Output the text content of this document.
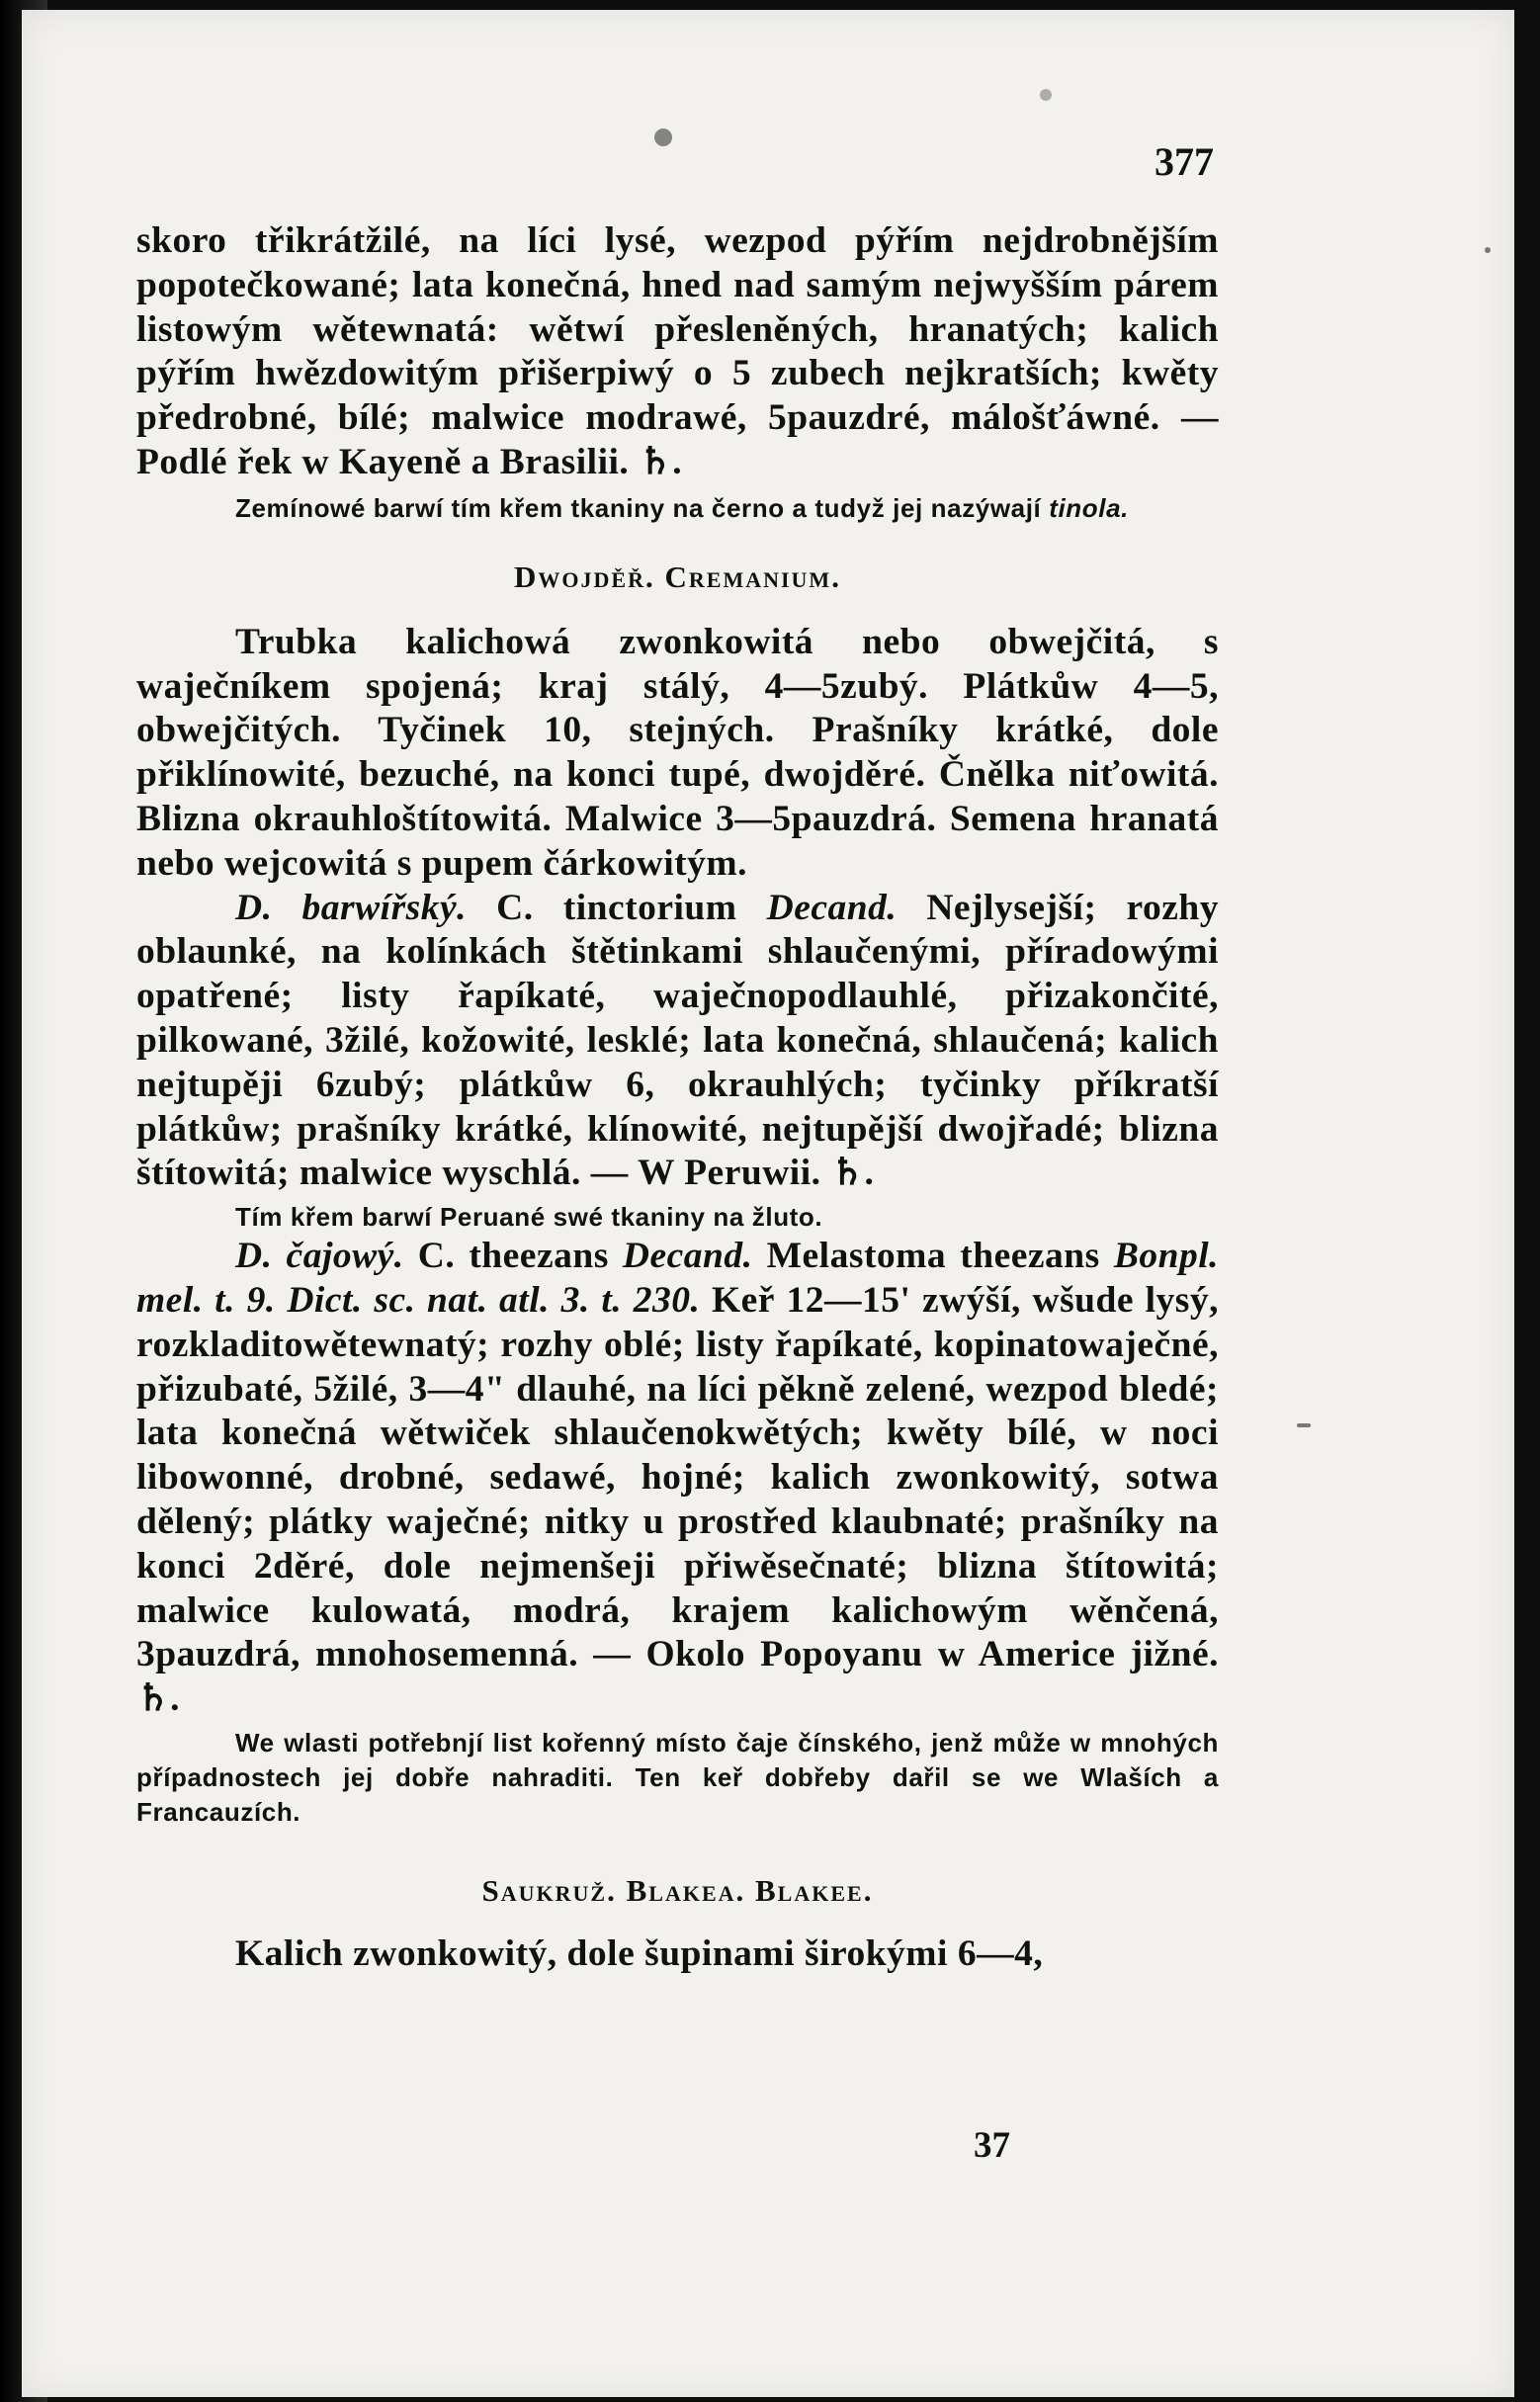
377

skoro třikrátžilé, na líci lysé, wezpod pýřím nejdrobnějším popotečkowané; lata konečná, hned nad samým nejwyšším párem listowým wětewnatá: wětwí přesleněných, hranatých; kalich pýřím hwězdowitým přišerpiwý o 5 zubech nejkratších; kwěty předrobné, bílé; malwice modrawé, 5pauzdré, málošťáwné. — Podlé řek w Kayeně a Brasilii. ♄.

Zemínowé barwí tím křem tkaniny na černo a tudyž jej nazýwají tinola.

Dwojděř. Cremanium.

Trubka kalichowá zwonkowitá nebo obwejčitá, s waječníkem spojená; kraj stálý, 4—5zubý. Plátkůw 4—5, obwejčitých. Tyčinek 10, stejných. Prašníky krátké, dole přiklínowité, bezuché, na konci tupé, dwojděré. Čnělka niťowitá. Blizna okrauhloštítowitá. Malwice 3—5pauzdrá. Semena hranatá nebo wejcowitá s pupem čárkowitým.

D. barwířský. C. tinctorium Decand. Nejlysejší; rozhy oblaunké, na kolínkách štětinkami shlaučenými, příradowými opatřené; listy řapíkaté, waječnopodlauhlé, přizakončité, pilkowané, 3žilé, kožowité, lesklé; lata konečná, shlaučená; kalich nejtupěji 6zubý; plátkůw 6, okrauhlých; tyčinky příkratší plátkůw; prašníky krátké, klínowité, nejtupější dwojřadé; blizna štítowitá; malwice wyschlá. — W Peruwii. ♄.

Tím křem barwí Peruané swé tkaniny na žluto.

D. čajowý. C. theezans Decand. Melastoma theezans Bonpl. mel. t. 9. Dict. sc. nat. atl. 3. t. 230. Keř 12—15' zwýší, wšude lysý, rozkladitowětewnatý; rozhy oblé; listy řapíkaté, kopinatowaječné, přizubaté, 5žilé, 3—4" dlauhé, na líci pěkně zelené, wezpod bledé; lata konečná wětwiček shlaučenokwětých; kwěty bílé, w noci libowonné, drobné, sedawé, hojné; kalich zwonkowitý, sotwa dělený; plátky waječné; nitky u prostřed klaubnaté; prašníky na konci 2děré, dole nejmenšeji přiwěsečnaté; blizna štítowitá; malwice kulowatá, modrá, krajem kalichowým wěnčená, 3pauzdrá, mnohosemenná. — Okolo Popoyanu w Americe jižné. ♄.

We wlasti potřebnjí list kořenný místo čaje čínského, jenž může w mnohých případnostech jej dobře nahraditi. Ten keř dobřeby dařil se we Wlaších a Francauzích.

Saukruž. Blakea. Blakee.

Kalich zwonkowitý, dole šupinami širokými 6—4,

37
